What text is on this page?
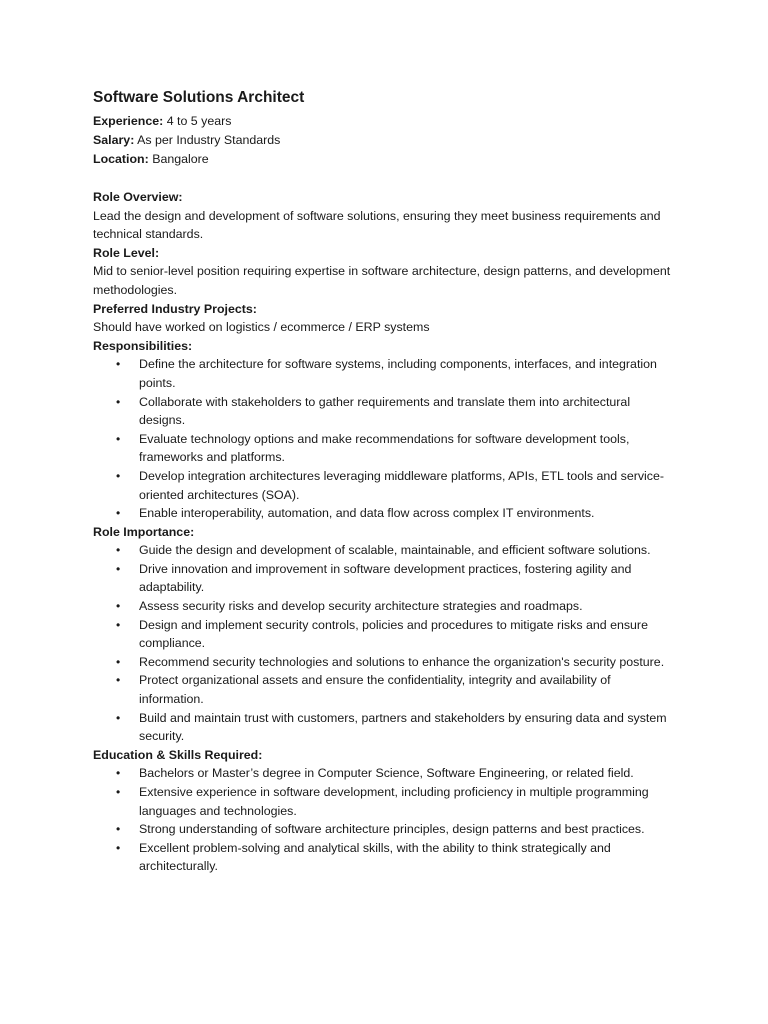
Software Solutions Architect

Experience: 4 to 5 years

Salary: As per Industry Standards

Location: Bangalore

Role Overview:

Lead the design and development of software solutions, ensuring they meet business requirements and technical standards.

Role Level:

Mid to senior-level position requiring expertise in software architecture, design patterns, and development methodologies.

Preferred Industry Projects:

Should have worked on logistics / ecommerce / ERP systems

Responsibilities:

• Define the architecture for software systems, including components, interfaces, and integration points.
• Collaborate with stakeholders to gather requirements and translate them into architectural designs.
• Evaluate technology options and make recommendations for software development tools, frameworks and platforms.
• Develop integration architectures leveraging middleware platforms, APIs, ETL tools and service-oriented architectures (SOA).
• Enable interoperability, automation, and data flow across complex IT environments.

Role Importance:

• Guide the design and development of scalable, maintainable, and efficient software solutions.
• Drive innovation and improvement in software development practices, fostering agility and adaptability.
• Assess security risks and develop security architecture strategies and roadmaps.
• Design and implement security controls, policies and procedures to mitigate risks and ensure compliance.
• Recommend security technologies and solutions to enhance the organization's security posture.
• Protect organizational assets and ensure the confidentiality, integrity and availability of information.
• Build and maintain trust with customers, partners and stakeholders by ensuring data and system security.

Education & Skills Required:

• Bachelors or Master’s degree in Computer Science, Software Engineering, or related field.
• Extensive experience in software development, including proficiency in multiple programming languages and technologies.
• Strong understanding of software architecture principles, design patterns and best practices.
• Excellent problem-solving and analytical skills, with the ability to think strategically and architecturally.
